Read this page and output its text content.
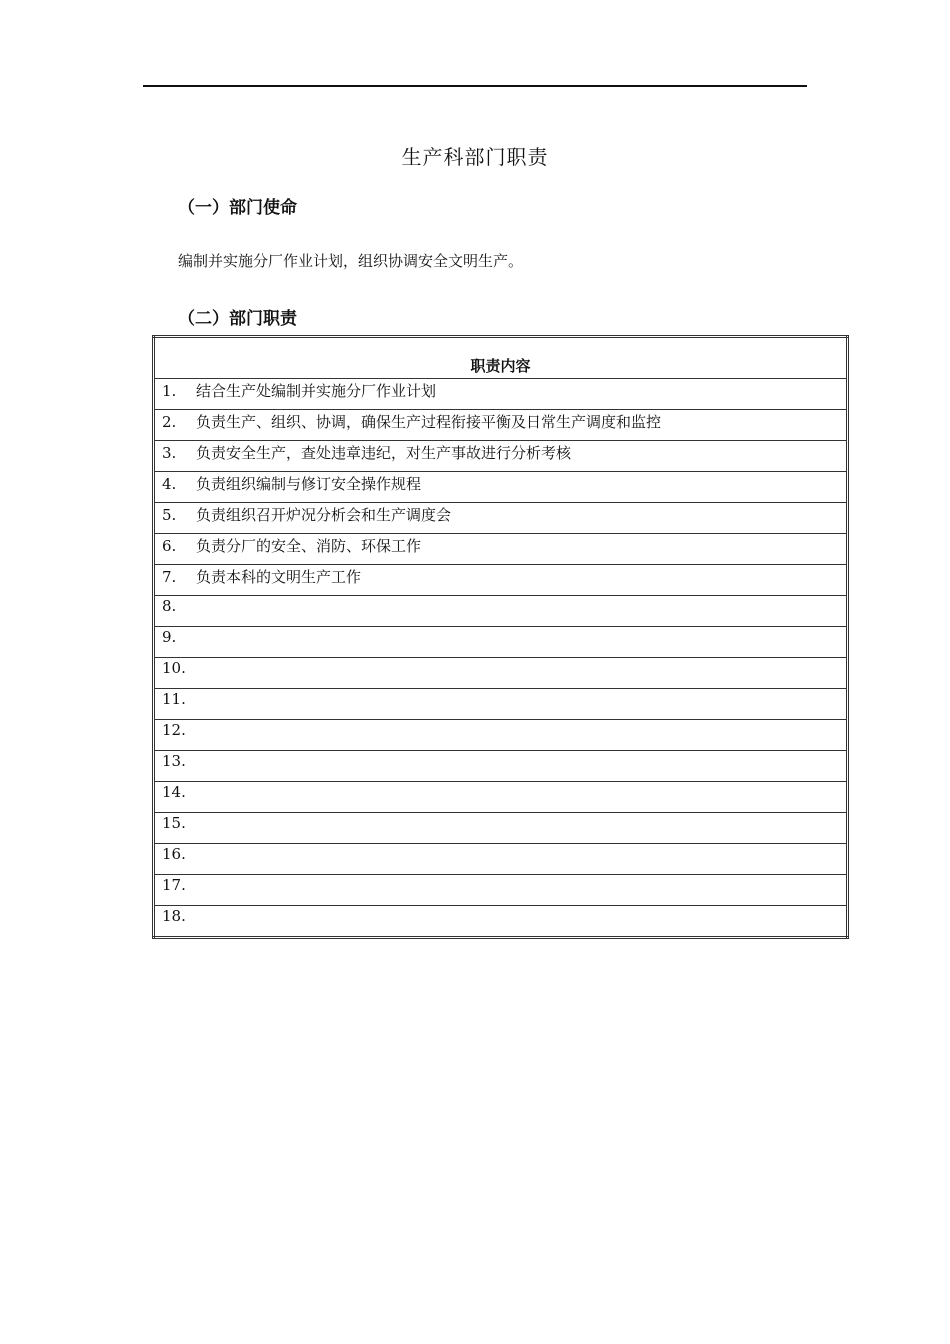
生产科部门职责
（一）部门使命
编制并实施分厂作业计划，组织协调安全文明生产。
（二）部门职责
职责内容
1. 结合生产处编制并实施分厂作业计划
2. 负责生产、组织、协调，确保生产过程衔接平衡及日常生产调度和监控
3. 负责安全生产，查处违章违纪，对生产事故进行分析考核
4. 负责组织编制与修订安全操作规程
5. 负责组织召开炉况分析会和生产调度会
6. 负责分厂的安全、消防、环保工作
7. 负责本科的文明生产工作
8.
9.
10.
11.
12.
13.
14.
15.
16.
17.
18.
